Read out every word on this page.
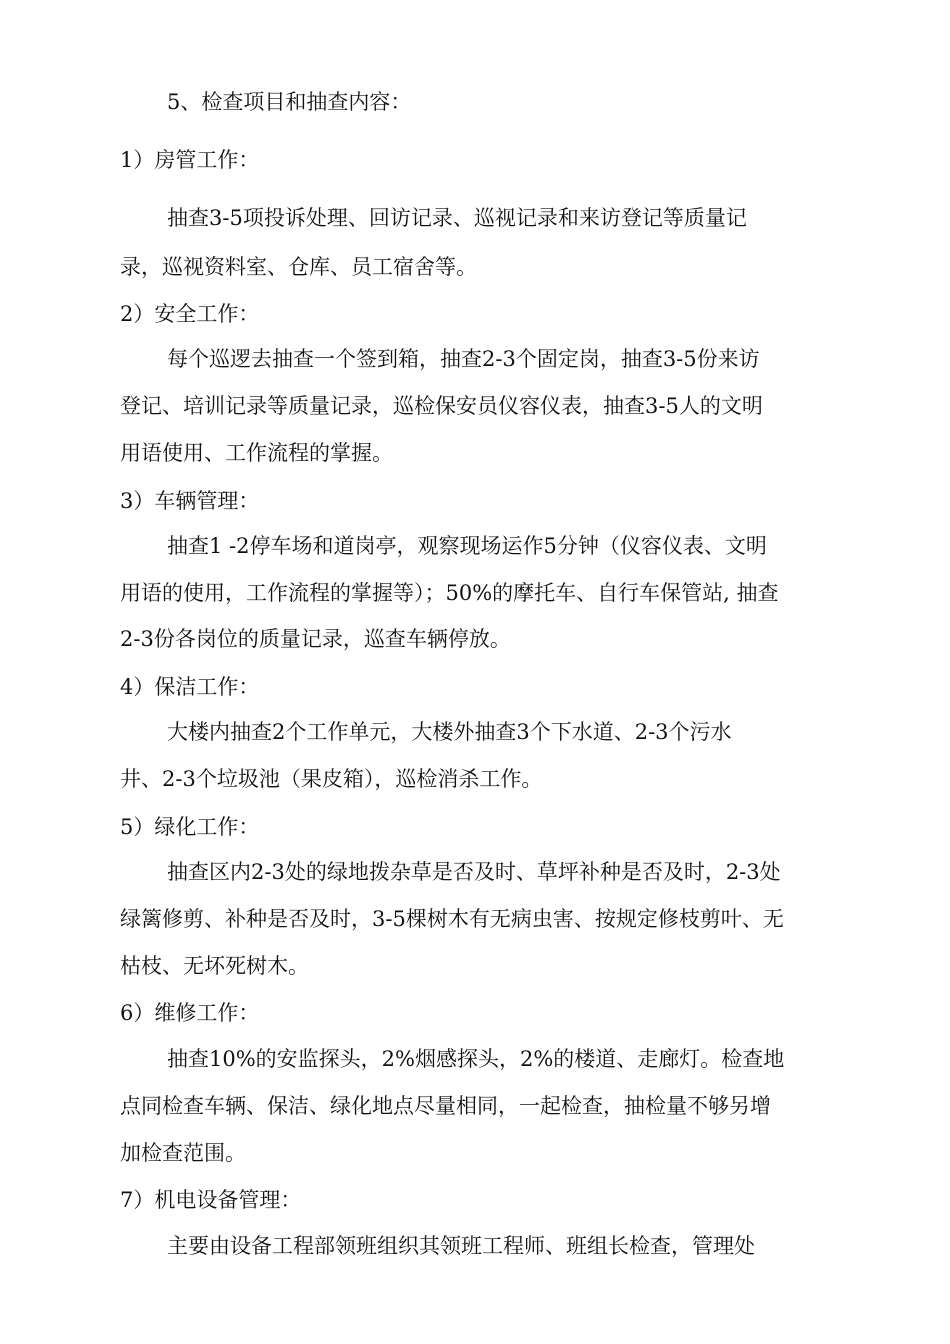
5、检查项目和抽查内容：
1）房管工作：
抽查3-5项投诉处理、回访记录、巡视记录和来访登记等质量记
录，巡视资料室、仓库、员工宿舍等。
2）安全工作：
每个巡逻去抽查一个签到箱，抽查2-3个固定岗，抽查3-5份来访
登记、培训记录等质量记录，巡检保安员仪容仪表，抽查3-5人的文明
用语使用、工作流程的掌握。
3）车辆管理：
抽查1 -2停车场和道岗亭，观察现场运作5分钟（仪容仪表、文明
用语的使用，工作流程的掌握等）；50%的摩托车、自行车保管站, 抽查
2-3份各岗位的质量记录，巡查车辆停放。
4）保洁工作：
大楼内抽查2个工作单元，大楼外抽查3个下水道、2-3个污水
井、2-3个垃圾池（果皮箱），巡检消杀工作。
5）绿化工作：
抽查区内2-3处的绿地拨杂草是否及时、草坪补种是否及时，2-3处
绿篱修剪、补种是否及时，3-5棵树木有无病虫害、按规定修枝剪叶、无
枯枝、无坏死树木。
6）维修工作：
抽查10%的安监探头，2%烟感探头，2%的楼道、走廊灯。检查地
点同检查车辆、保洁、绿化地点尽量相同，一起检查，抽检量不够另增
加检查范围。
7）机电设备管理：
主要由设备工程部领班组织其领班工程师、班组长检查，管理处
